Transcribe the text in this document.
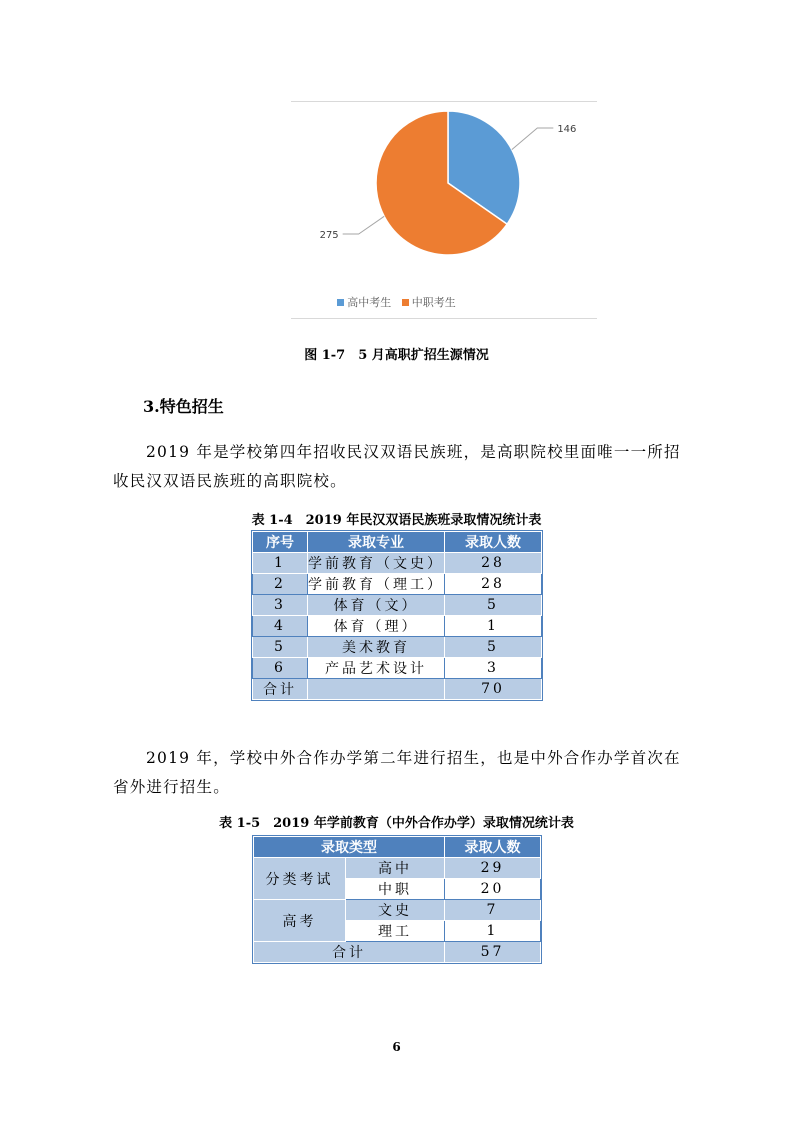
146
275
高中考生 中职考生
图 1-7　5 月高职扩招生源情况
3.特色招生
2019 年是学校第四年招收民汉双语民族班，是高职院校里面唯一一所招收民汉双语民族班的高职院校。
表 1-4　2019 年民汉双语民族班录取情况统计表
序号	录取专业	录取人数
1	学前教育（文史）	28
2	学前教育（理工）	28
3	体育（文）	5
4	体育（理）	1
5	美术教育	5
6	产品艺术设计	3
合计		70
2019 年，学校中外合作办学第二年进行招生，也是中外合作办学首次在省外进行招生。
表 1-5　2019 年学前教育（中外合作办学）录取情况统计表
录取类型		录取人数
分类考试	高中	29
	中职	20
高考	文史	7
	理工	1
合计		57
6
